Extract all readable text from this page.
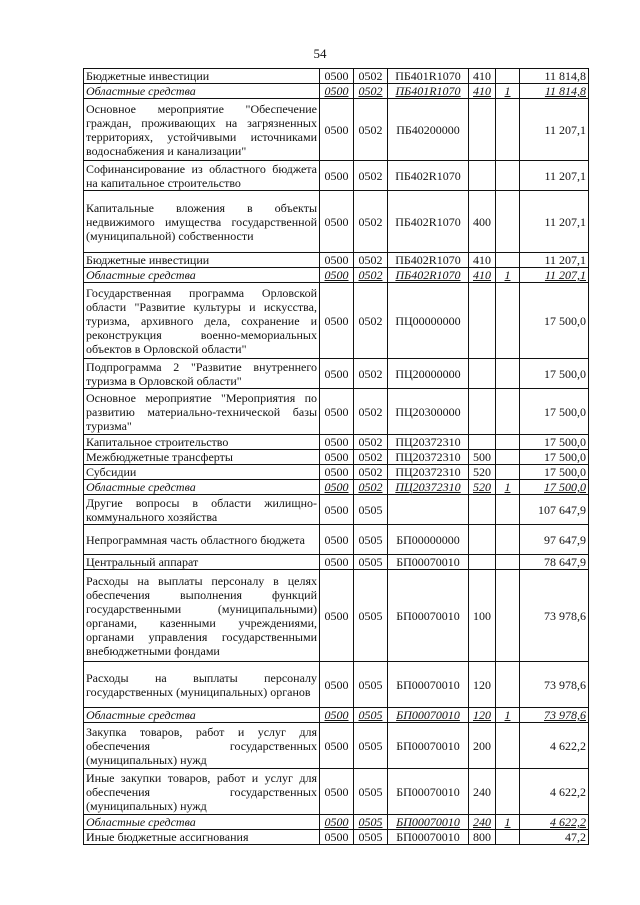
54
Бюджетные инвестиции	0500	0502	ПБ401R1070	410		11 814,8
Областные средства	0500	0502	ПБ401R1070	410	1	11 814,8
Основное мероприятие "Обеспечение граждан, проживающих на загрязненных территориях, устойчивыми источниками водоснабжения и канализации"	0500	0502	ПБ40200000			11 207,1
Софинансирование из областного бюджета на капитальное строительство	0500	0502	ПБ402R1070			11 207,1
Капитальные вложения в объекты недвижимого имущества государственной (муниципальной) собственности	0500	0502	ПБ402R1070	400		11 207,1
Бюджетные инвестиции	0500	0502	ПБ402R1070	410		11 207,1
Областные средства	0500	0502	ПБ402R1070	410	1	11 207,1
Государственная программа Орловской области "Развитие культуры и искусства, туризма, архивного дела, сохранение и реконструкция военно-мемориальных объектов в Орловской области"	0500	0502	ПЦ00000000			17 500,0
Подпрограмма 2 "Развитие внутреннего туризма в Орловской области"	0500	0502	ПЦ20000000			17 500,0
Основное мероприятие "Мероприятия по развитию материально-технической базы туризма"	0500	0502	ПЦ20300000			17 500,0
Капитальное строительство	0500	0502	ПЦ20372310			17 500,0
Межбюджетные трансферты	0500	0502	ПЦ20372310	500		17 500,0
Субсидии	0500	0502	ПЦ20372310	520		17 500,0
Областные средства	0500	0502	ПЦ20372310	520	1	17 500,0
Другие вопросы в области жилищно-коммунального хозяйства	0500	0505				107 647,9
Непрограммная часть областного бюджета	0500	0505	БП00000000			97 647,9
Центральный аппарат	0500	0505	БП00070010			78 647,9
Расходы на выплаты персоналу в целях обеспечения выполнения функций государственными (муниципальными) органами, казенными учреждениями, органами управления государственными внебюджетными фондами	0500	0505	БП00070010	100		73 978,6
Расходы на выплаты персоналу государственных (муниципальных) органов	0500	0505	БП00070010	120		73 978,6
Областные средства	0500	0505	БП00070010	120	1	73 978,6
Закупка товаров, работ и услуг для обеспечения государственных (муниципальных) нужд	0500	0505	БП00070010	200		4 622,2
Иные закупки товаров, работ и услуг для обеспечения государственных (муниципальных) нужд	0500	0505	БП00070010	240		4 622,2
Областные средства	0500	0505	БП00070010	240	1	4 622,2
Иные бюджетные ассигнования	0500	0505	БП00070010	800		47,2
